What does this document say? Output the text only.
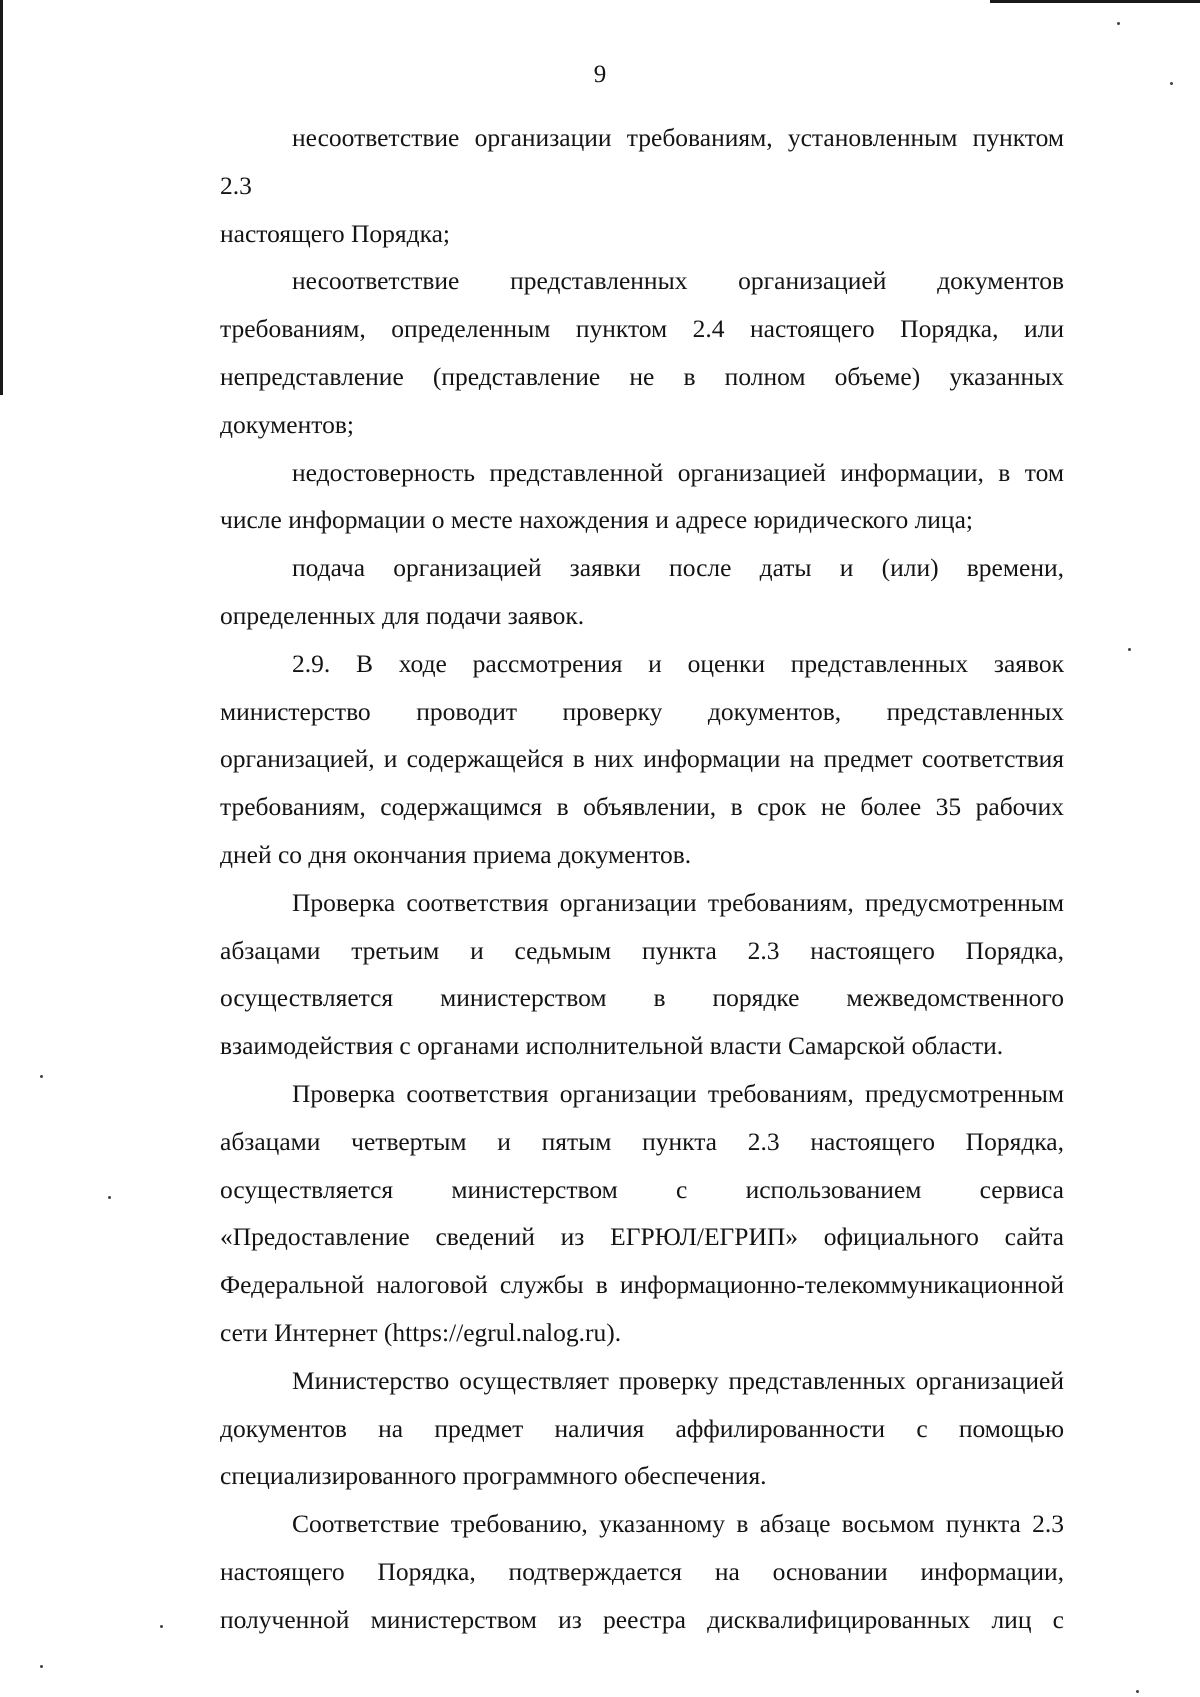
9

несоответствие организации требованиям, установленным пунктом 2.3
настоящего Порядка;

несоответствие представленных организацией документов
требованиям, определенным пунктом 2.4 настоящего Порядка, или
непредставление (представление не в полном объеме) указанных
документов;

недостоверность представленной организацией информации, в том
числе информации о месте нахождения и адресе юридического лица;

подача организацией заявки после даты и (или) времени,
определенных для подачи заявок.

2.9. В ходе рассмотрения и оценки представленных заявок
министерство проводит проверку документов, представленных
организацией, и содержащейся в них информации на предмет соответствия
требованиям, содержащимся в объявлении, в срок не более 35 рабочих
дней со дня окончания приема документов.

Проверка соответствия организации требованиям, предусмотренным
абзацами третьим и седьмым пункта 2.3 настоящего Порядка,
осуществляется министерством в порядке межведомственного
взаимодействия с органами исполнительной власти Самарской области.

Проверка соответствия организации требованиям, предусмотренным
абзацами четвертым и пятым пункта 2.3 настоящего Порядка,
осуществляется министерством с использованием сервиса
«Предоставление сведений из ЕГРЮЛ/ЕГРИП» официального сайта
Федеральной налоговой службы в информационно-телекоммуникационной
сети Интернет (https://egrul.nalog.ru).

Министерство осуществляет проверку представленных организацией
документов на предмет наличия аффилированности с помощью
специализированного программного обеспечения.

Соответствие требованию, указанному в абзаце восьмом пункта 2.3
настоящего Порядка, подтверждается на основании информации,
полученной министерством из реестра дисквалифицированных лиц с
